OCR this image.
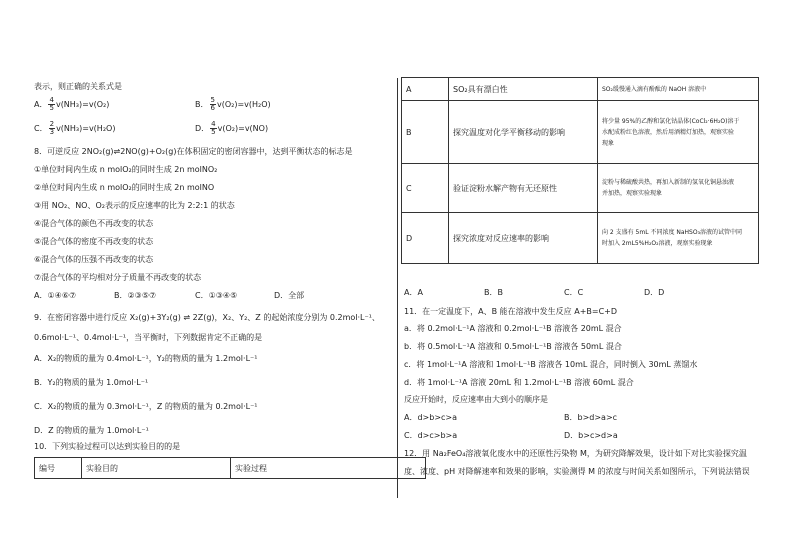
表示，则正确的关系式是
A． $\frac{4}{5} v(NH_3)=v(O_2)$	B． $\frac{5}{6} v(O_2)=v(H_2O)$
C． $\frac{2}{3} v(NH_3)=v(H_2O)$	D． $\frac{4}{5} v(O_2)=v(NO)$
8．可逆反应 2NO₂(g)⇌2NO(g)+O₂(g)在体积固定的密闭容器中，达到平衡状态的标志是
①单位时间内生成 n molO₂的同时生成 2n molNO₂
②单位时间内生成 n molO₂的同时生成 2n molNO
③用 NO₂、NO、O₂表示的反应速率的比为 2:2:1 的状态
④混合气体的颜色不再改变的状态
⑤混合气体的密度不再改变的状态
⑥混合气体的压强不再改变的状态
⑦混合气体的平均相对分子质量不再改变的状态
A．①④⑥⑦	B．②③⑤⑦	C．①③④⑤	D．全部
9．在密闭容器中进行反应 X₂(g)+3Y₂(g) ⇌ 2Z(g)，X₂、Y₂、Z 的起始浓度分别为 0.2mol·L⁻¹、
0.6mol·L⁻¹、0.4mol·L⁻¹，当平衡时，下列数据肯定不正确的是
A．X₂的物质的量为 0.4mol·L⁻¹，Y₂的物质的量为 1.2mol·L⁻¹
B．Y₂的物质的量为 1.0mol·L⁻¹
C．X₂的物质的量为 0.3mol·L⁻¹，Z 的物质的量为 0.2mol·L⁻¹
D．Z 的物质的量为 1.0mol·L⁻¹
10．下列实验过程可以达到实验目的的是
编号	实验目的	实验过程
A	SO₂具有漂白性	SO₂缓慢通入滴有酚酞的 NaOH 溶液中
B	探究温度对化学平衡移动的影响	将少量 95%的乙醇和氯化钴晶体(CoCl₂·6H₂O)溶于
水配成粉红色溶液，然后用酒精灯加热，观察实验
现象

C	验证淀粉水解产物有无还原性	淀粉与稀硫酸共热，再加入新制的氢氧化铜悬浊液
并加热，观察实验现象

D	探究浓度对反应速率的影响	向 2 支盛有 5mL 不同浓度 NaHSO₃溶液的试管中同
时加入 2mL5%H₂O₂溶液，观察实验现象
A．A	B．B	C．C	D．D
11．在一定温度下，A、B 能在溶液中发生反应 A+B=C+D
a．将 0.2mol·L⁻¹A 溶液和 0.2mol·L⁻¹B 溶液各 20mL 混合
b．将 0.5mol·L⁻¹A 溶液和 0.5mol·L⁻¹B 溶液各 50mL 混合
c．将 1mol·L⁻¹A 溶液和 1mol·L⁻¹B 溶液各 10mL 混合，同时倒入 30mL 蒸馏水
d．将 1mol·L⁻¹A 溶液 20mL 和 1.2mol·L⁻¹B 溶液 60mL 混合
反应开始时，反应速率由大到小的顺序是
A．d>b>c>a	B．b>d>a>c
C．d>c>b>a	D．b>c>d>a
12．用 Na₂FeO₄溶液氧化废水中的还原性污染物 M，为研究降解效果，设计如下对比实验探究温
度、浓度、pH 对降解速率和效果的影响，实验测得 M 的浓度与时间关系如图所示，下列说法错误
